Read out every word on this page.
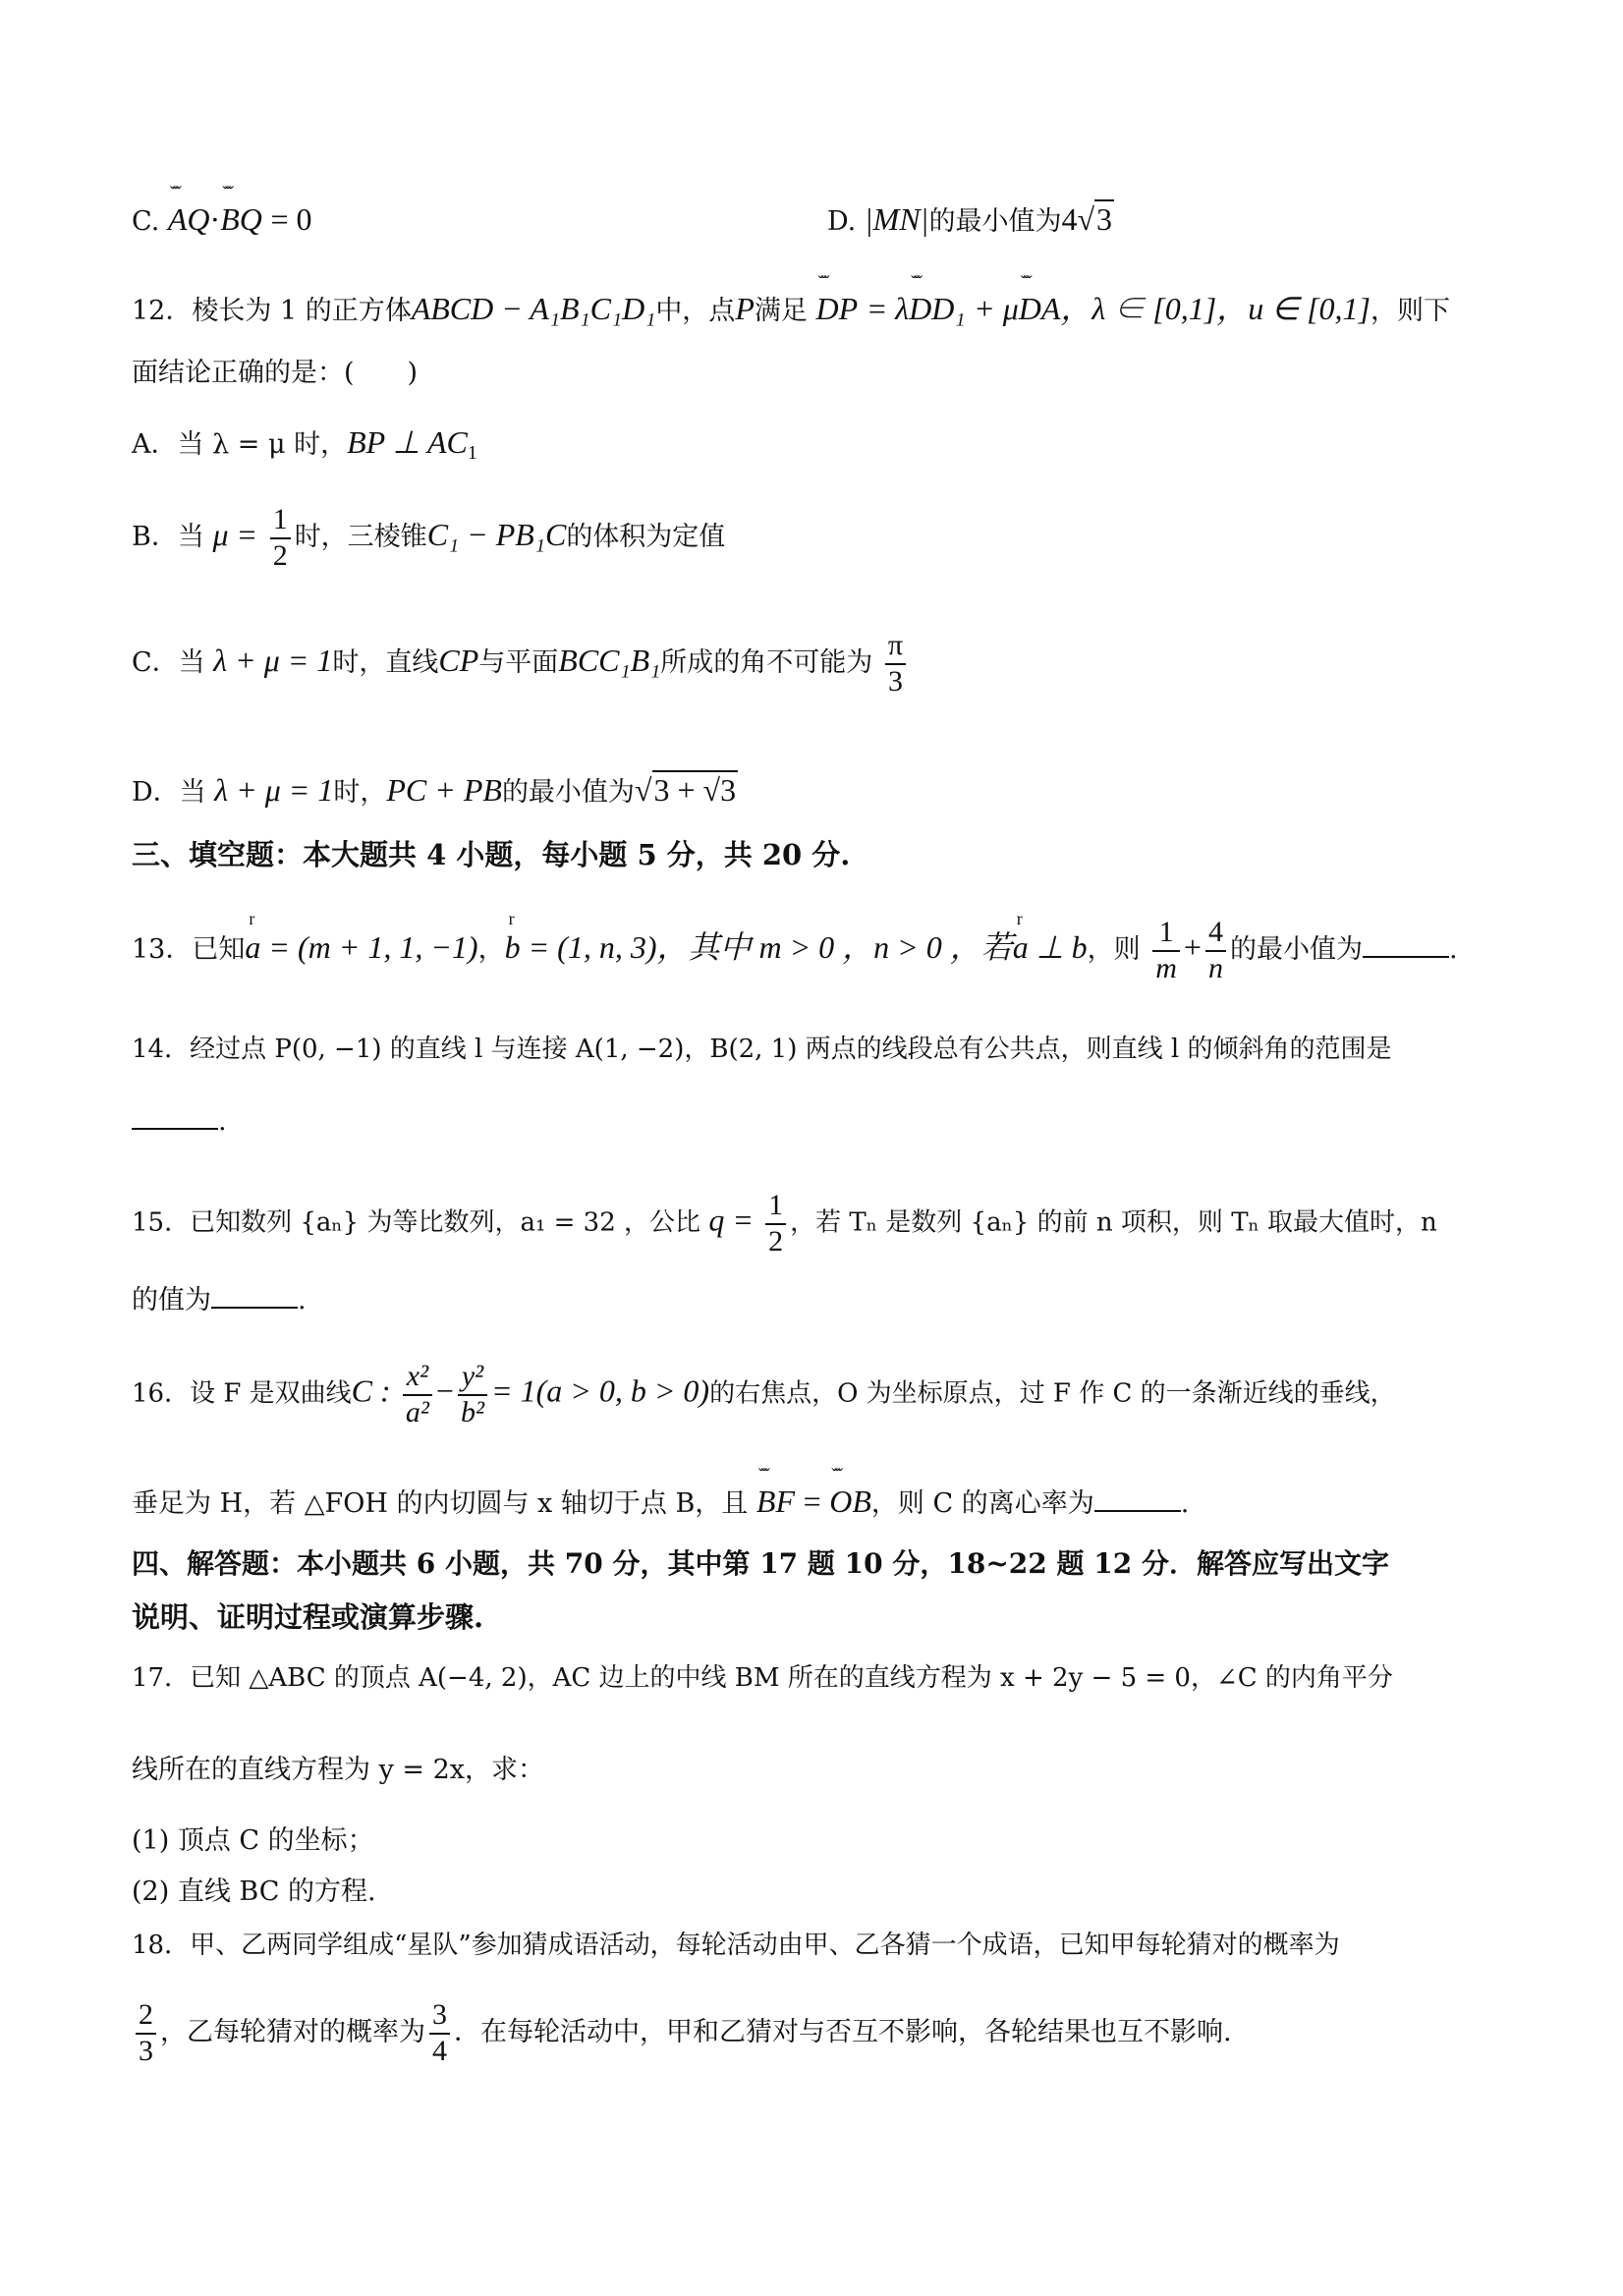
C. ˇˇˇ AQ·ˇˇˇ BQ = 0	D. |MN|的最小值为4√3
12．棱长为 1 的正方体ABCD − A₁B₁C₁D₁中，点P满足 ˇˇˇ DP = λˇˇˇ DD₁ + μˇˇˇ DA，λ ∈ [0,1]，u ∈ [0,1]，则下
面结论正确的是：(　　)
A．当 λ = μ 时，BP ⊥ $AC_1$
B．当 $\mu = \frac{1}{2}$ 时，三棱锥C₁ − PB₁C的体积为定值
C．当 λ + μ = 1时，直线CP与平面BCC₁B₁所成的角不可能为 $\frac{\pi}{3}$
D．当 λ + μ = 1时，PC + PB的最小值为√3 + √3
三、填空题：本大题共 4 小题，每小题 5 分，共 20 分.
13．已知r a = (m + 1, 1, −1)，r b = (1, n, 3)，其中 m > 0 ，n > 0 ，若r a ⊥ b，则 $\frac{1}{m} + \frac{4}{n}$ 的最小值为	.
14．经过点 P(0, −1) 的直线 l 与连接 A(1, −2)，B(2, 1) 两点的线段总有公共点，则直线 l 的倾斜角的范围是
.
15．已知数列 {aₙ} 为等比数列，a₁ = 32 ，公比 $q = \frac{1}{2}$ ，若 Tₙ 是数列 {aₙ} 的前 n 项积，则 Tₙ 取最大值时，n
的值为	.
16．设 F 是双曲线C : $\frac{\text{x²}}{\text{a²}} - \frac{\text{y²}}{\text{b²}} = 1(a > 0$, b > 0)的右焦点，O 为坐标原点，过 F 作 C 的一条渐近线的垂线，
垂足为 H，若 △FOH 的内切圆与 x 轴切于点 B，且 ˇˇˇ BF = ˇˇˇ OB，则 C 的离心率为	.
四、解答题：本小题共 6 小题，共 70 分，其中第 17 题 10 分，18~22 题 12 分．解答应写出文字
说明、证明过程或演算步骤.
17．已知 △ABC 的顶点 A(−4, 2)，AC 边上的中线 BM 所在的直线方程为 x + 2y − 5 = 0，∠C 的内角平分
线所在的直线方程为 y = 2x，求：
(1) 顶点 C 的坐标；
(2) 直线 BC 的方程.
18．甲、乙两同学组成“星队”参加猜成语活动，每轮活动由甲、乙各猜一个成语，已知甲每轮猜对的概率为
$\frac{2}{3}$ ，乙每轮猜对的概率为 $\frac{3}{4}$ ．在每轮活动中，甲和乙猜对与否互不影响，各轮结果也互不影响.
